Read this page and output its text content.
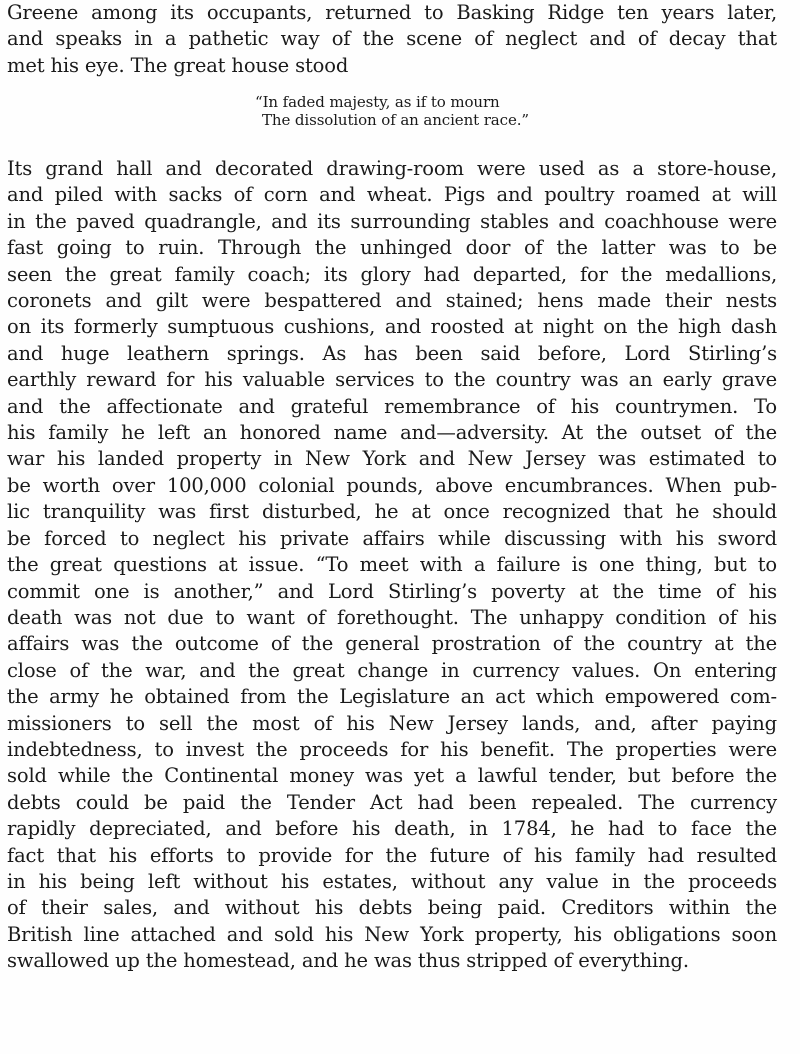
Greene among its occupants, returned to Basking Ridge ten years later,
and speaks in a pathetic way of the scene of neglect and of decay that
met his eye. The great house stood

“In faded majesty, as if to mourn
The dissolution of an ancient race.”

Its grand hall and decorated drawing-room were used as a store-house,
and piled with sacks of corn and wheat. Pigs and poultry roamed at will
in the paved quadrangle, and its surrounding stables and coachhouse were
fast going to ruin. Through the unhinged door of the latter was to be
seen the great family coach; its glory had departed, for the medallions,
coronets and gilt were bespattered and stained; hens made their nests
on its formerly sumptuous cushions, and roosted at night on the high dash
and huge leathern springs. As has been said before, Lord Stirling’s
earthly reward for his valuable services to the country was an early grave
and the affectionate and grateful remembrance of his countrymen. To
his family he left an honored name and—adversity. At the outset of the
war his landed property in New York and New Jersey was estimated to
be worth over 100,000 colonial pounds, above encumbrances. When pub-
lic tranquility was first disturbed, he at once recognized that he should
be forced to neglect his private affairs while discussing with his sword
the great questions at issue. “To meet with a failure is one thing, but to
commit one is another,” and Lord Stirling’s poverty at the time of his
death was not due to want of forethought. The unhappy condition of his
affairs was the outcome of the general prostration of the country at the
close of the war, and the great change in currency values. On entering
the army he obtained from the Legislature an act which empowered com-
missioners to sell the most of his New Jersey lands, and, after paying
indebtedness, to invest the proceeds for his benefit. The properties were
sold while the Continental money was yet a lawful tender, but before the
debts could be paid the Tender Act had been repealed. The currency
rapidly depreciated, and before his death, in 1784, he had to face the
fact that his efforts to provide for the future of his family had resulted
in his being left without his estates, without any value in the proceeds
of their sales, and without his debts being paid. Creditors within the
British line attached and sold his New York property, his obligations soon
swallowed up the homestead, and he was thus stripped of everything.
